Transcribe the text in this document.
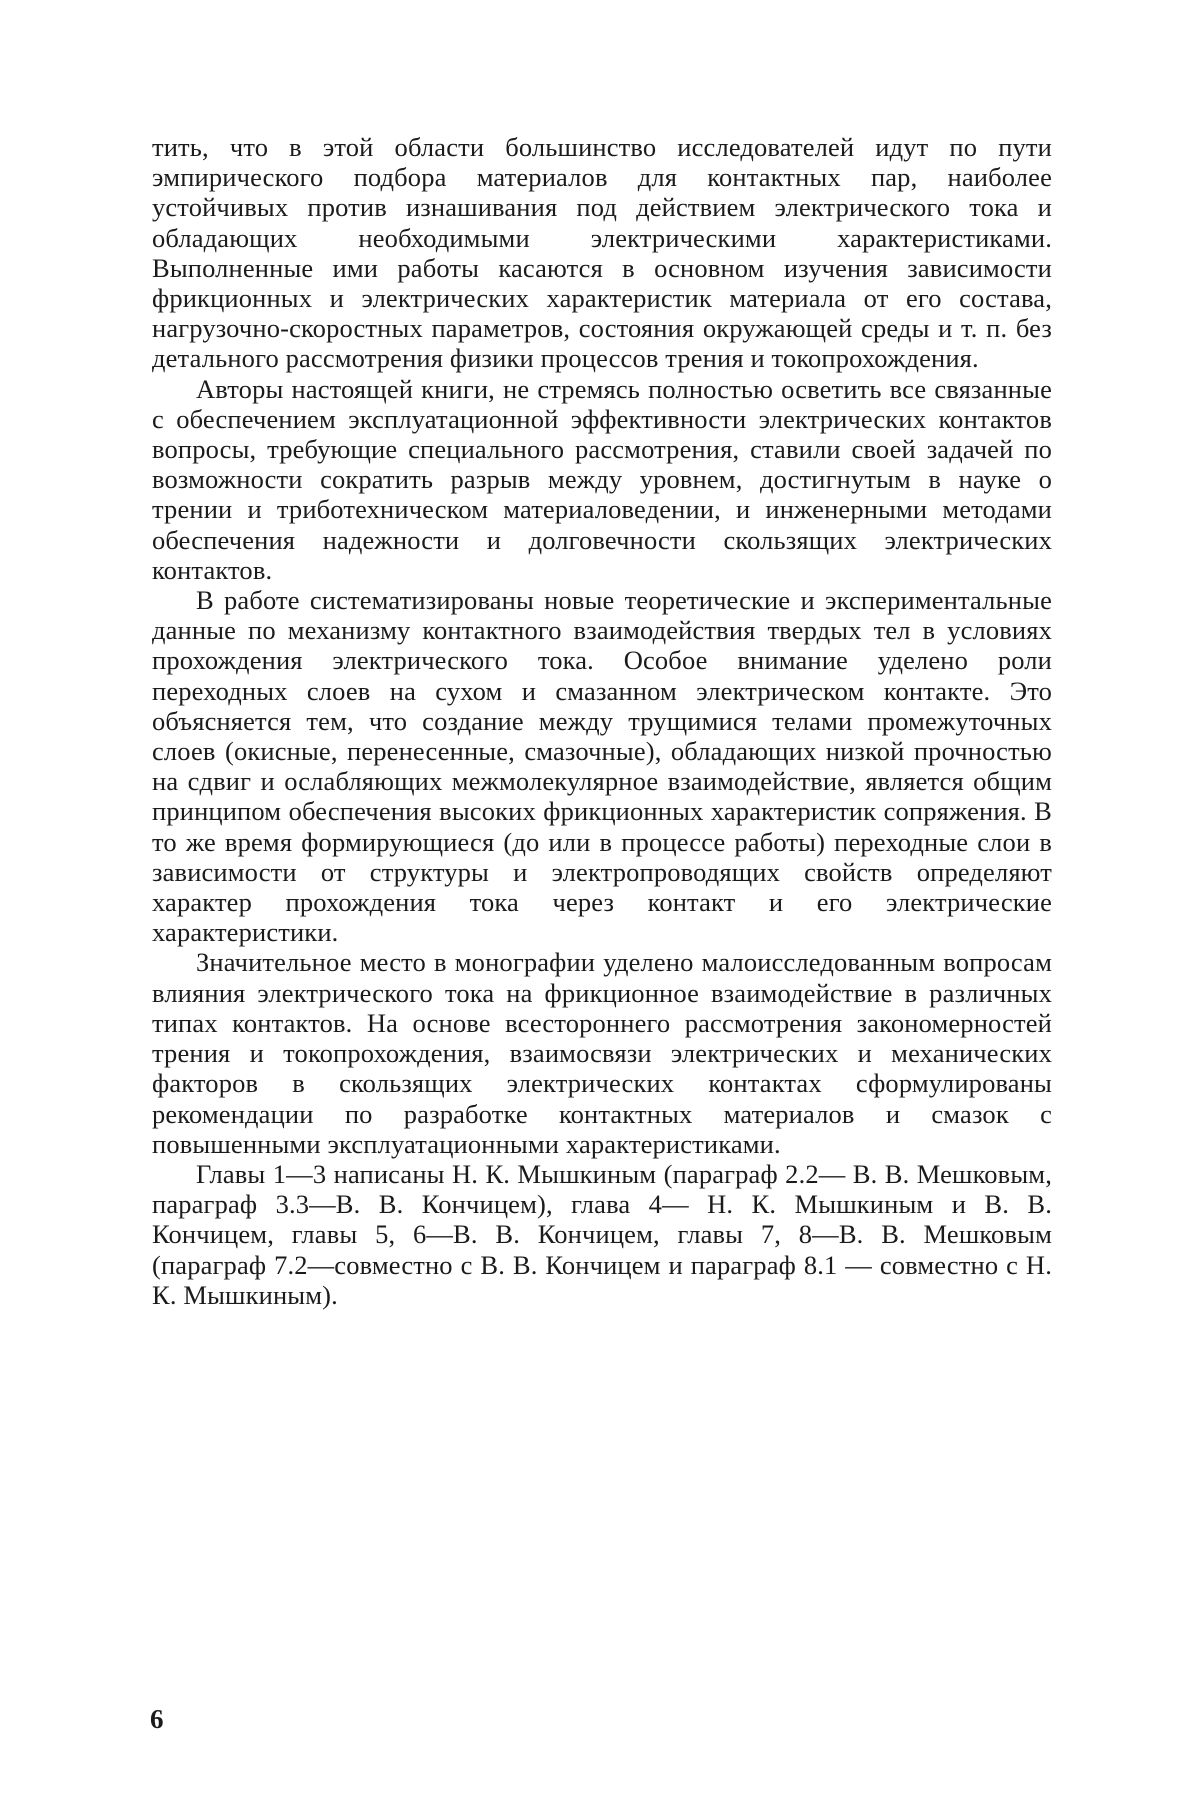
тить, что в этой области большинство исследователей идут по пути эмпирического подбора материалов для контактных пар, наиболее устойчивых против изнашивания под действием электрического тока и обладающих необходимыми электрическими характеристиками. Выполненные ими работы касаются в основном изучения зависимости фрикционных и электрических характеристик материала от его состава, нагрузочно-скоростных параметров, состояния окружающей среды и т. п. без детального рассмотрения физики процессов трения и токопрохождения.

Авторы настоящей книги, не стремясь полностью осветить все связанные с обеспечением эксплуатационной эффективности электрических контактов вопросы, требующие специального рассмотрения, ставили своей задачей по возможности сократить разрыв между уровнем, достигнутым в науке о трении и триботехническом материаловедении, и инженерными методами обеспечения надежности и долговечности скользящих электрических контактов.

В работе систематизированы новые теоретические и экспериментальные данные по механизму контактного взаимодействия твердых тел в условиях прохождения электрического тока. Особое внимание уделено роли переходных слоев на сухом и смазанном электрическом контакте. Это объясняется тем, что создание между трущимися телами промежуточных слоев (окисные, перенесенные, смазочные), обладающих низкой прочностью на сдвиг и ослабляющих межмолекулярное взаимодействие, является общим принципом обеспечения высоких фрикционных характеристик сопряжения. В то же время формирующиеся (до или в процессе работы) переходные слои в зависимости от структуры и электропроводящих свойств определяют характер прохождения тока через контакт и его электрические характеристики.

Значительное место в монографии уделено малоисследованным вопросам влияния электрического тока на фрикционное взаимодействие в различных типах контактов. На основе всестороннего рассмотрения закономерностей трения и токопрохождения, взаимосвязи электрических и механических факторов в скользящих электрических контактах сформулированы рекомендации по разработке контактных материалов и смазок с повышенными эксплуатационными характеристиками.

Главы 1—3 написаны Н. К. Мышкиным (параграф 2.2— В. В. Мешковым, параграф 3.3—В. В. Кончицем), глава 4— Н. К. Мышкиным и В. В. Кончицем, главы 5, 6—В. В. Кончицем, главы 7, 8—В. В. Мешковым (параграф 7.2—совместно с В. В. Кончицем и параграф 8.1 — совместно с Н. К. Мышкиным).

6
